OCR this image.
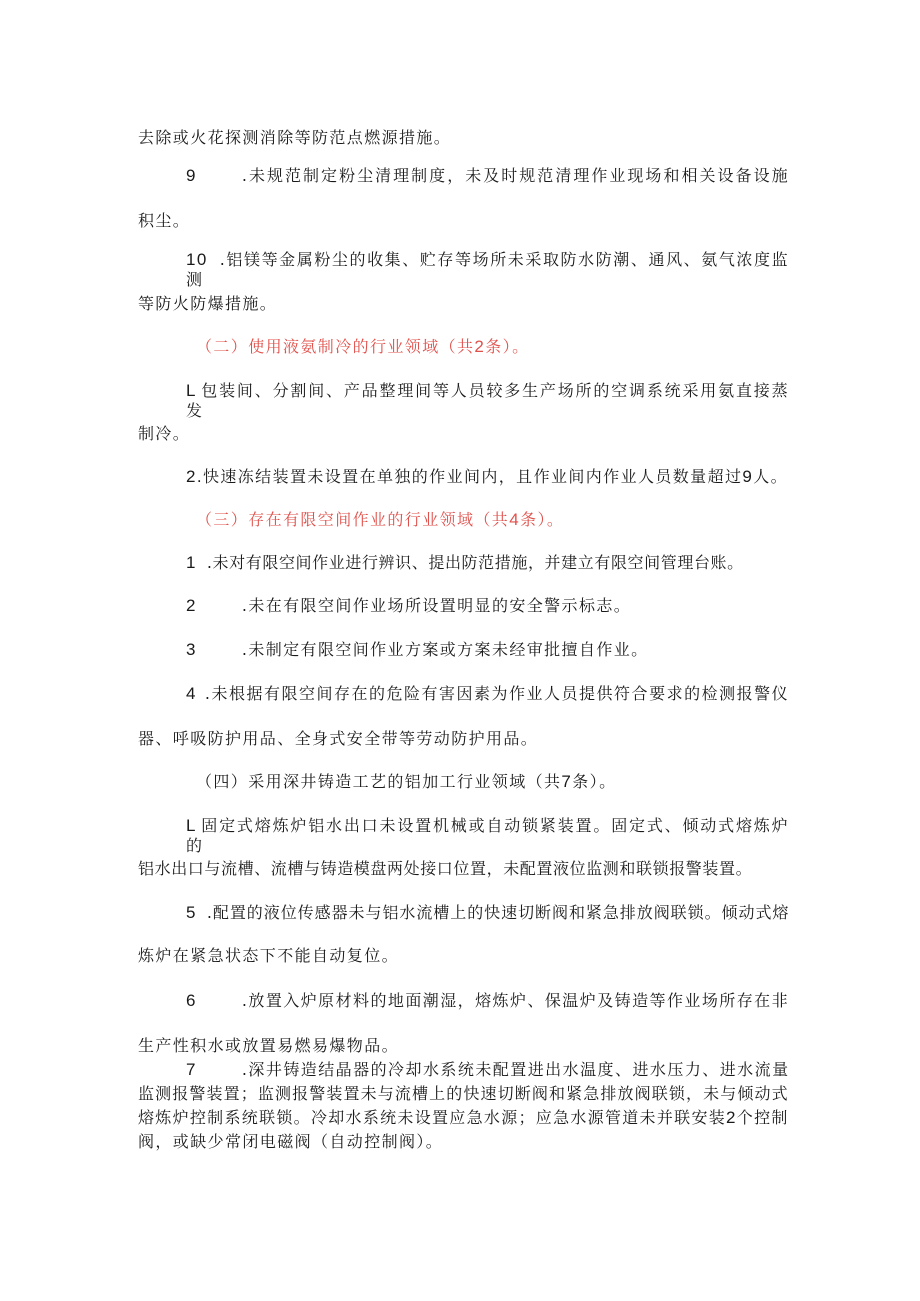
去除或火花探测消除等防范点燃源措施。
9	.未规范制定粉尘清理制度，未及时规范清理作业现场和相关设备设施
积尘。
10 .铝镁等金属粉尘的收集、贮存等场所未采取防水防潮、通风、氨气浓度监测
等防火防爆措施。
（二）使用液氨制冷的行业领域（共2条）。
L 包装间、分割间、产品整理间等人员较多生产场所的空调系统采用氨直接蒸发
制冷。
2.快速冻结装置未设置在单独的作业间内，且作业间内作业人员数量超过9人。
（三）存在有限空间作业的行业领域（共4条）。
1 .未对有限空间作业进行辨识、提出防范措施，并建立有限空间管理台账。
2	.未在有限空间作业场所设置明显的安全警示标志。
3	.未制定有限空间作业方案或方案未经审批擅自作业。
4 .未根据有限空间存在的危险有害因素为作业人员提供符合要求的检测报警仪
器、呼吸防护用品、全身式安全带等劳动防护用品。
（四）采用深井铸造工艺的铝加工行业领域（共7条）。
L 固定式熔炼炉铝水出口未设置机械或自动锁紧装置。固定式、倾动式熔炼炉的
铝水出口与流槽、流槽与铸造模盘两处接口位置，未配置液位监测和联锁报警装置。
5 .配置的液位传感器未与铝水流槽上的快速切断阀和紧急排放阀联锁。倾动式熔
炼炉在紧急状态下不能自动复位。
6	.放置入炉原材料的地面潮湿，熔炼炉、保温炉及铸造等作业场所存在非
生产性积水或放置易燃易爆物品。
7	.深井铸造结晶器的冷却水系统未配置进出水温度、进水压力、进水流量
监测报警装置；监测报警装置未与流槽上的快速切断阀和紧急排放阀联锁，未与倾动式
熔炼炉控制系统联锁。冷却水系统未设置应急水源；应急水源管道未并联安装2个控制
阀，或缺少常闭电磁阀（自动控制阀）。
